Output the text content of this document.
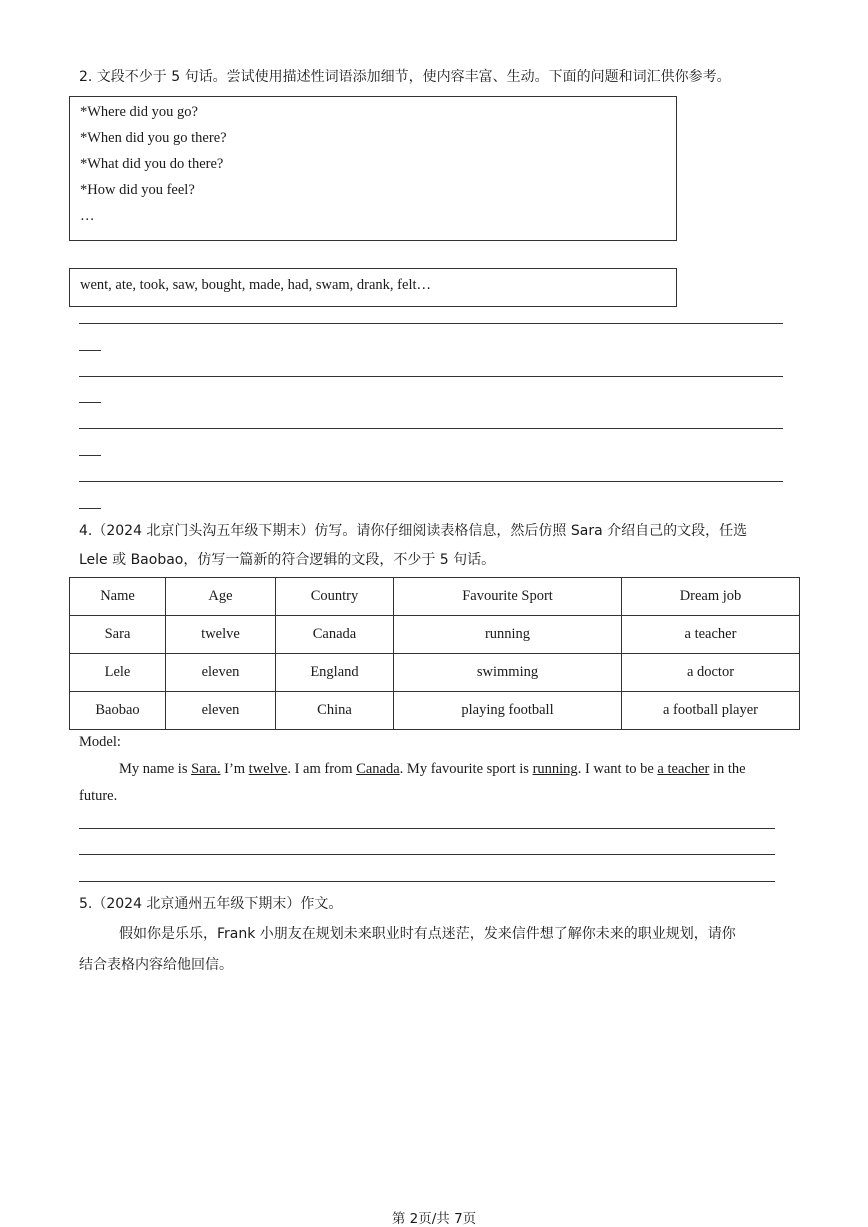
2. 文段不少于 5 句话。尝试使用描述性词语添加细节，使内容丰富、生动。下面的问题和词汇供你参考。
*Where did you go?
*When did you go there?
*What did you do there?
*How did you feel?
…
went, ate, took, saw, bought, made, had, swam, drank, felt…
4.（2024 北京门头沟五年级下期末）仿写。请你仔细阅读表格信息，然后仿照 Sara 介绍自己的文段，任选
Lele 或 Baobao，仿写一篇新的符合逻辑的文段，不少于 5 句话。
Name	Age	Country	Favourite Sport	Dream job
Sara	twelve	Canada	running	a teacher
Lele	eleven	England	swimming	a doctor
Baobao	eleven	China	playing football	a football player
Model:
My name is Sara. I’m twelve. I am from Canada. My favourite sport is running. I want to be a teacher in the
future.
5.（2024 北京通州五年级下期末）作文。
假如你是乐乐，Frank 小朋友在规划未来职业时有点迷茫，发来信件想了解你未来的职业规划，请你
结合表格内容给他回信。
第 2页/共 7页
